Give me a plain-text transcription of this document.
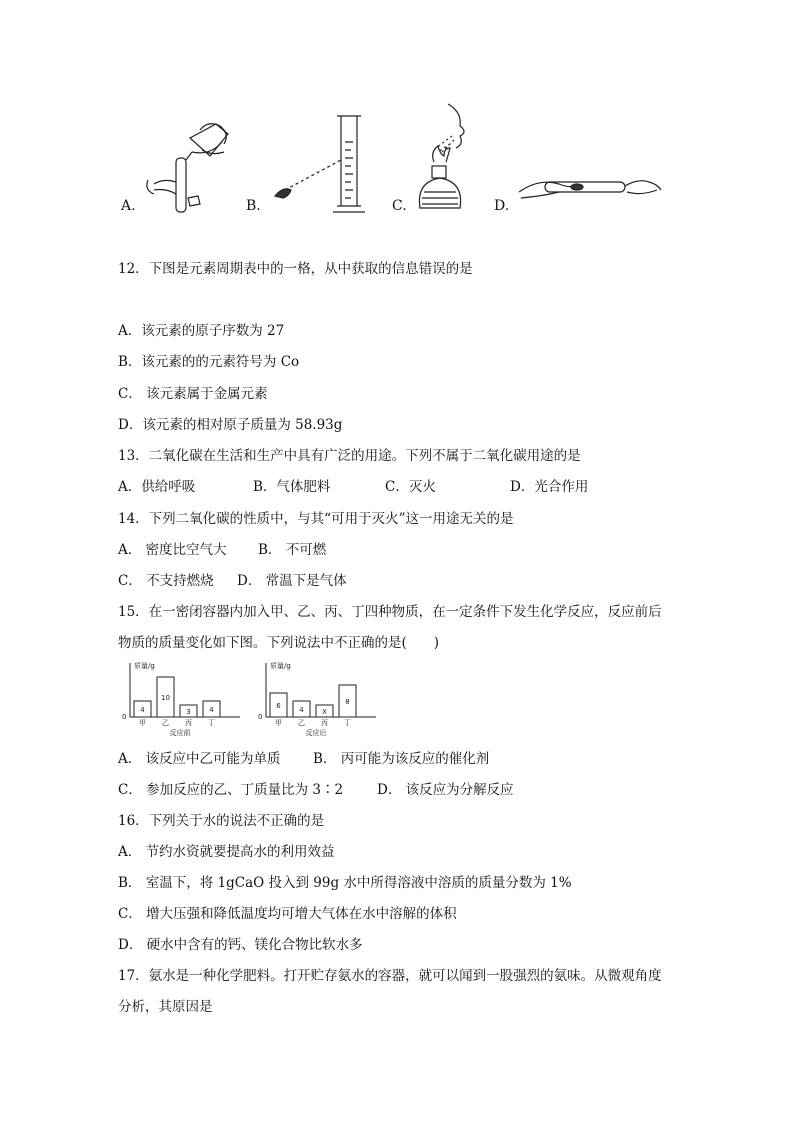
A.	B.	C.	D.
12．下图是元素周期表中的一格，从中获取的信息错误的是
A．该元素的原子序数为 27
B．该元素的的元素符号为 Co
C． 该元素属于金属元素
D．该元素的相对原子质量为 58.93g
13．二氧化碳在生活和生产中具有广泛的用途。下列不属于二氧化碳用途的是
A．供给呼吸	B．气体肥料	C．灭火	D．光合作用
14．下列二氧化碳的性质中，与其“可用于灭火”这一用途无关的是
A． 密度比空气大 B． 不可燃
C． 不支持燃烧 D． 常温下是气体
15．在一密闭容器内加入甲、乙、丙、丁四种物质，在一定条件下发生化学反应，反应前后
物质的质量变化如下图。下列说法中不正确的是(　　)
质量/g
0
4
甲
10
乙
3
丙
4
丁
反应前
质量/g
0
6
甲
4
乙
X
丙
8
丁
反应后
A． 该反应中乙可能为单质 B． 丙可能为该反应的催化剂
C． 参加反应的乙、丁质量比为 3∶2	D． 该反应为分解反应
16．下列关于水的说法不正确的是
A． 节约水资就要提高水的利用效益
B． 室温下，将 1gCaO 投入到 99g 水中所得溶液中溶质的质量分数为 1%
C． 增大压强和降低温度均可增大气体在水中溶解的体积
D． 硬水中含有的钙、镁化合物比软水多
17．氨水是一种化学肥料。打开贮存氨水的容器，就可以闻到一股强烈的氨味。从微观角度
分析，其原因是
